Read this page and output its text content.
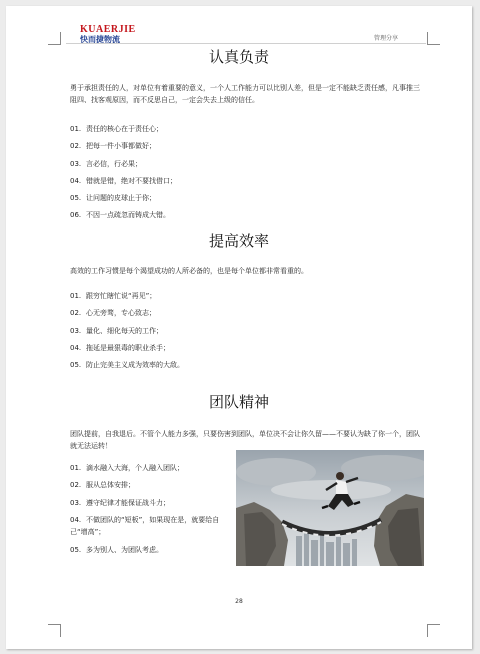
KUAERJIE
快而捷物流	管理分享
认真负责
勇于承担责任的人，对单位有着重要的意义，一个人工作能力可以比别人差，但是一定不能缺乏责任感，凡事推三阻四、找客观原因，而不反思自己，一定会失去上级的信任。
01. 责任的核心在于责任心；
02. 把每一件小事都做好；
03. 言必信，行必果；
04. 错就是错，绝对不要找借口；
05. 让问题的皮球止于你；
06. 不因一点疏忽而铸成大错。
提高效率
高效的工作习惯是每个渴望成功的人所必备的，也是每个单位都非常看重的。
01. 跟穷忙瞎忙说“再见”；
02. 心无旁骛，专心致志；
03. 量化、细化每天的工作；
04. 拖延是最狠毒的职业杀手；
05. 防止完美主义成为效率的大敌。
团队精神
团队提前，自我退后。不管个人能力多强，只要伤害到团队，单位决不会让你久留——不要认为缺了你一个，团队就无法运转！
01. 滴水融入大海，个人融入团队；
02. 服从总体安排；
03. 遵守纪律才能保证战斗力；
04. 不做团队的“短板”，如果现在是，就要给自己“增高”；
05. 多为别人、为团队考虑。
28
